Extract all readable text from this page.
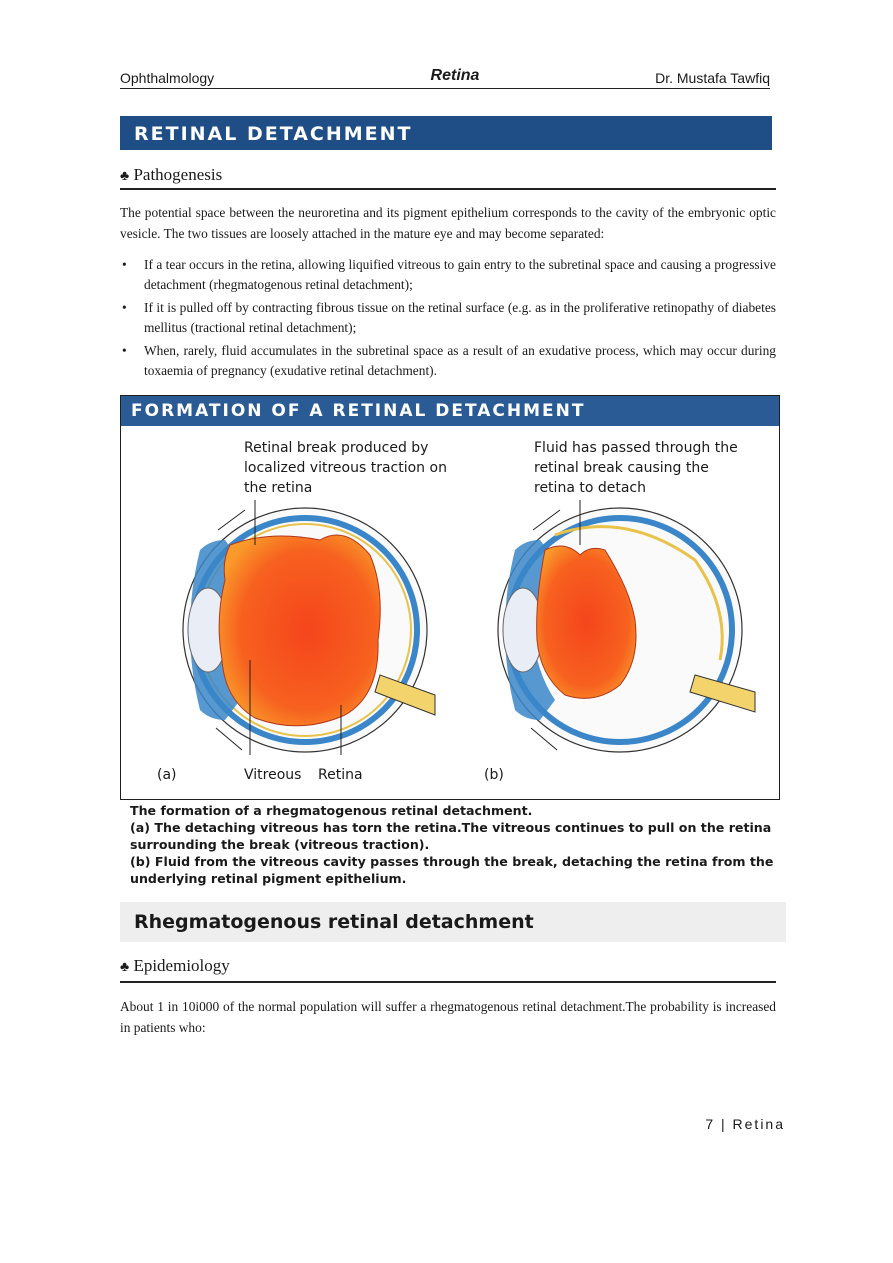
Ophthalmology	Retina	Dr. Mustafa Tawfiq
RETINAL DETACHMENT
♣ Pathogenesis
The potential space between the neuroretina and its pigment epithelium corresponds to the cavity of the embryonic optic vesicle. The two tissues are loosely attached in the mature eye and may become separated:
• If a tear occurs in the retina, allowing liquified vitreous to gain entry to the subretinal space and causing a progressive detachment (rhegmatogenous retinal detachment);
• If it is pulled off by contracting fibrous tissue on the retinal surface (e.g. as in the proliferative retinopathy of diabetes mellitus (tractional retinal detachment);
• When, rarely, fluid accumulates in the subretinal space as a result of an exudative process, which may occur during toxaemia of pregnancy (exudative retinal detachment).
FORMATION OF A RETINAL DETACHMENT
Retinal break produced by localized vitreous traction on the retina
Fluid has passed through the retinal break causing the retina to detach
(a)	Vitreous Retina	(b)
The formation of a rhegmatogenous retinal detachment.
(a) The detaching vitreous has torn the retina.The vitreous continues to pull on the retina surrounding the break (vitreous traction).
(b) Fluid from the vitreous cavity passes through the break, detaching the retina from the underlying retinal pigment epithelium.
Rhegmatogenous retinal detachment
♣ Epidemiology
About 1 in 10i000 of the normal population will suffer a rhegmatogenous retinal detachment.The probability is increased in patients who:
7 | Retina
